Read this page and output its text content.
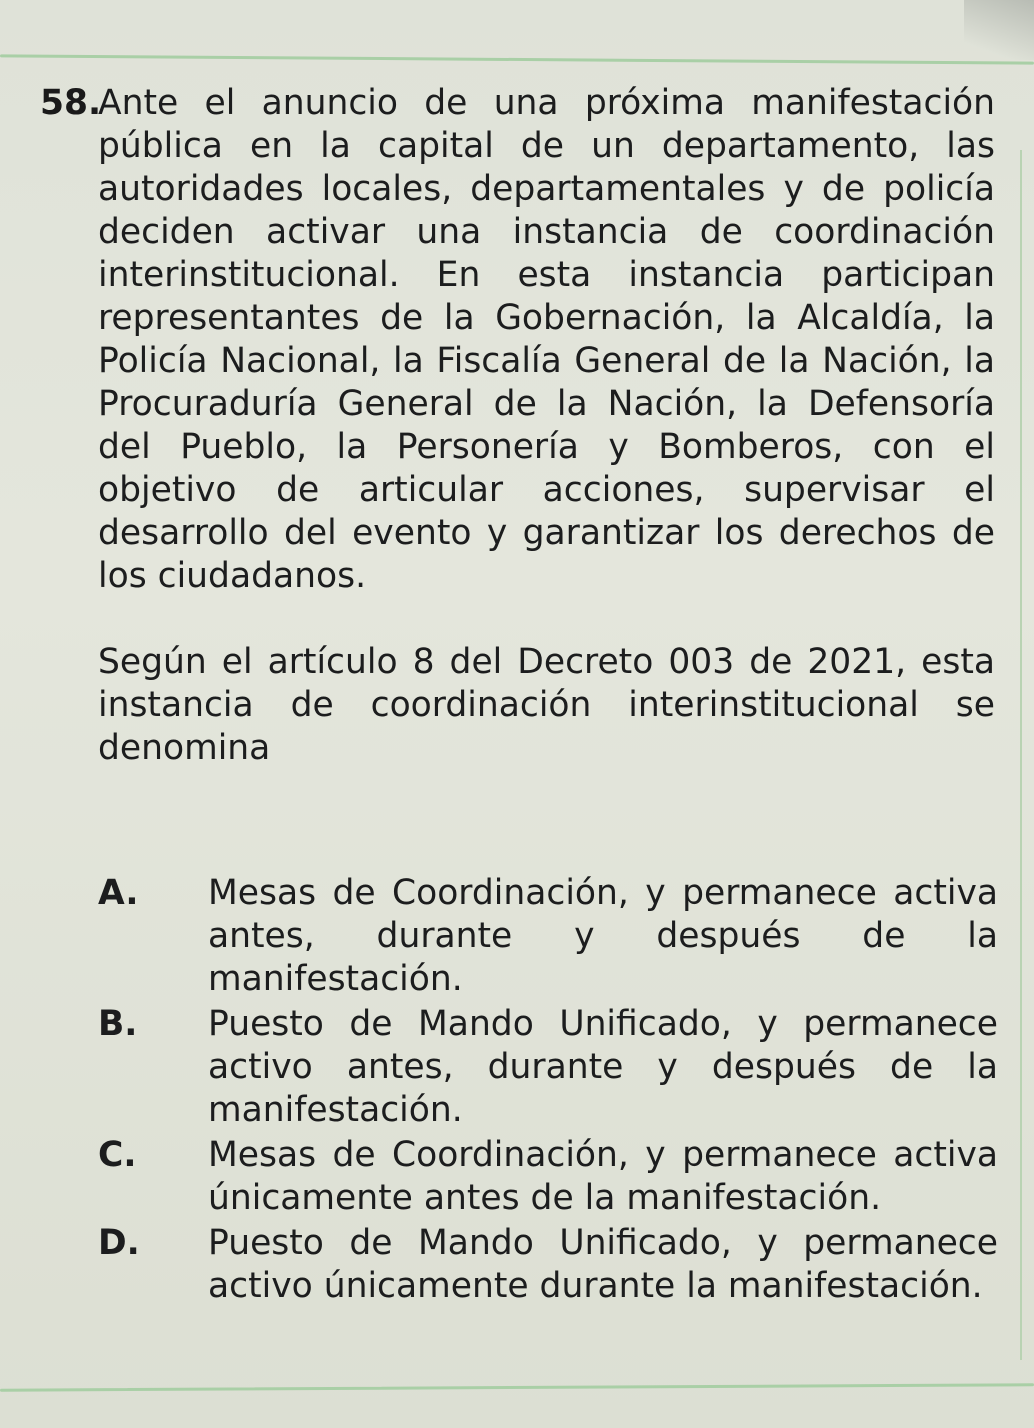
58.
Ante el anuncio de una próxima manifestación pública en la capital de un departamento, las autoridades locales, departamentales y de policía deciden activar una instancia de coordinación interinstitucional. En esta instancia participan representantes de la Gobernación, la Alcaldía, la Policía Nacional, la Fiscalía General de la Nación, la Procuraduría General de la Nación, la Defensoría del Pueblo, la Personería y Bomberos, con el objetivo de articular acciones, supervisar el desarrollo del evento y garantizar los derechos de los ciudadanos.
Según el artículo 8 del Decreto 003 de 2021, esta instancia de coordinación interinstitucional se denomina
A.	Mesas de Coordinación, y permanece activa antes, durante y después de la manifestación.
B.	Puesto de Mando Unificado, y permanece activo antes, durante y después de la manifestación.
C.	Mesas de Coordinación, y permanece activa únicamente antes de la manifestación.
D.	Puesto de Mando Unificado, y permanece activo únicamente durante la manifestación.
